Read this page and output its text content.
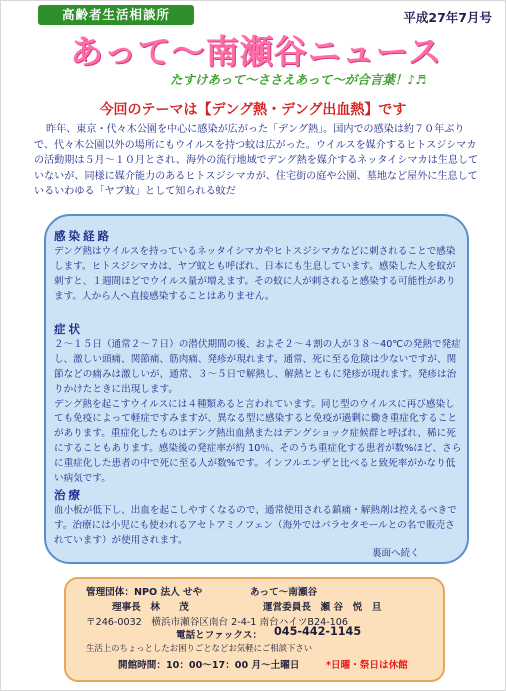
高齢者生活相談所	平成27年7月号
あって～南瀬谷ニュース
たすけあって～ささえあって～が合言葉！♪♬
今回のテーマは【デング熱・デング出血熱】です
昨年、東京・代々木公園を中心に感染が広がった「デング熱」。国内での感染は約７０年ぶりで、代々木公園以外の場所にもウイルスを持つ蚊は広がった。ウイルスを媒介するヒトスジシマカの活動期は５月～１０月とされ、海外の流行地域でデング熱を媒介するネッタイシマカは生息していないが、同様に媒介能力のあるヒトスジシマカが、住宅街の庭や公園、墓地など屋外に生息しているいわゆる「ヤブ蚊」として知られる蚊だ
感染経路

デング熱はウイルスを持っているネッタイシマカやヒトスジシマカなどに刺されることで感染します。ヒトスジシマカは、ヤブ蚊とも呼ばれ、日本にも生息しています。感染した人を蚊が刺すと、１週間ほどでウイルス量が増えます。その蚊に人が刺されると感染する可能性があります。人から人へ直接感染することはありません。

症状

２～１５日（通常２～７日）の潜伏期間の後、およそ２～４割の人が３８～40℃の発熱で発症し、激しい頭痛、関節痛、筋肉痛、発疹が現れます。通常、死に至る危険は少ないですが、関節などの痛みは激しいが、通常、３～５日で解熱し、解熱とともに発疹が現れます。発疹は治りかけたときに出現します。

デング熱を起こすウイルスには４種類あると言われています。同じ型のウイルスに再び感染しても免疫によって軽症ですみますが、異なる型に感染すると免疫が過剰に働き重症化することがあります。重症化したものはデング熱出血熱またはデングショック症候群と呼ばれ、稀に死にすることもあります。感染後の発症率が約 10％、そのうち重症化する患者が数%ほど、さらに重症化した患者の中で死に至る人が数%です。インフルエンザと比べると致死率がかなり低い病気です。

治療

血小板が低下し、出血を起こしやすくなるので、通常使用される鎮痛・解熱剤は控えるべきです。治療には小児にも使われるアセトアミノフェン（海外ではパラセタモールとの名で販売されています）が使用されます。

裏面へ続く
管理団体：NPO 法人 せや	あって～南瀬谷
理事長　林　　茂	運営委員長　瀬 谷　悦　旦
〒246-0032　横浜市瀬谷区南台 2-4-1 南台ハイツB24-106
電話とファックス： 045-442-1145
生活上のちょっとしたお困りごとなどお気軽にご相談下さい
開館時間：10：00～17：00 月～土曜日	*日曜・祭日は休館
